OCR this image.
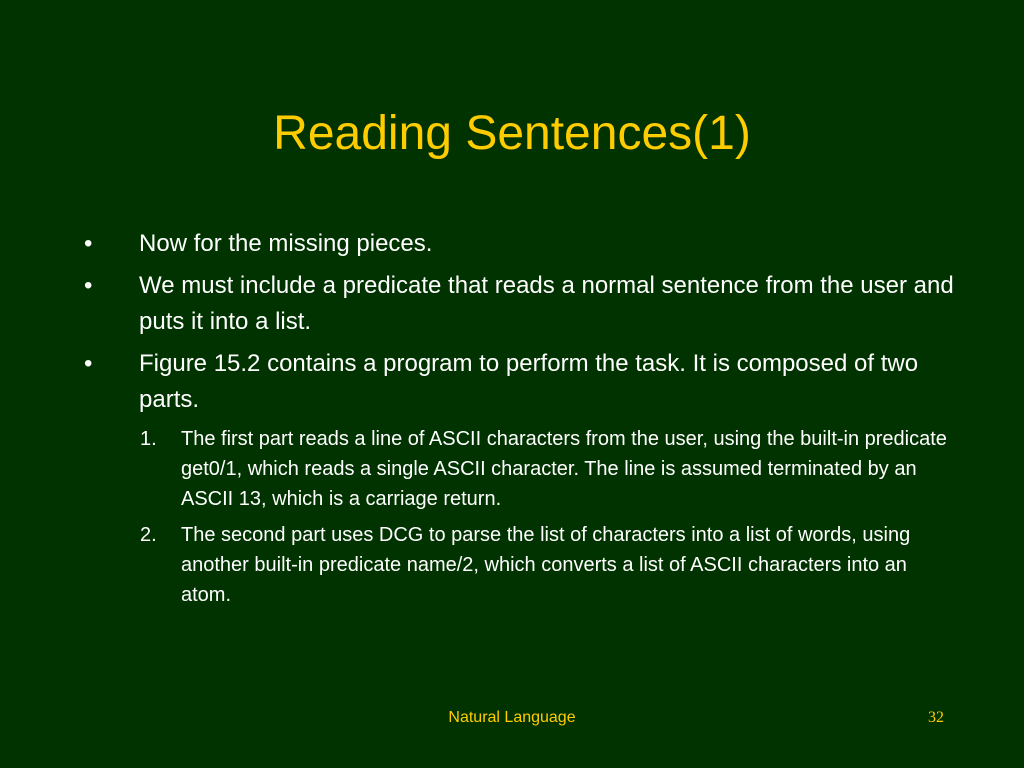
Reading Sentences(1)
• Now for the missing pieces.
• We must include a predicate that reads a normal sentence from the user and puts it into a list.
• Figure 15.2 contains a program to perform the task. It is composed of two parts.
1. The first part reads a line of ASCII characters from the user, using the built-in predicate get0/1, which reads a single ASCII character. The line is assumed terminated by an ASCII 13, which is a carriage return.
2. The second part uses DCG to parse the list of characters into a list of words, using another built-in predicate name/2, which converts a list of ASCII characters into an atom.
Natural Language	32
